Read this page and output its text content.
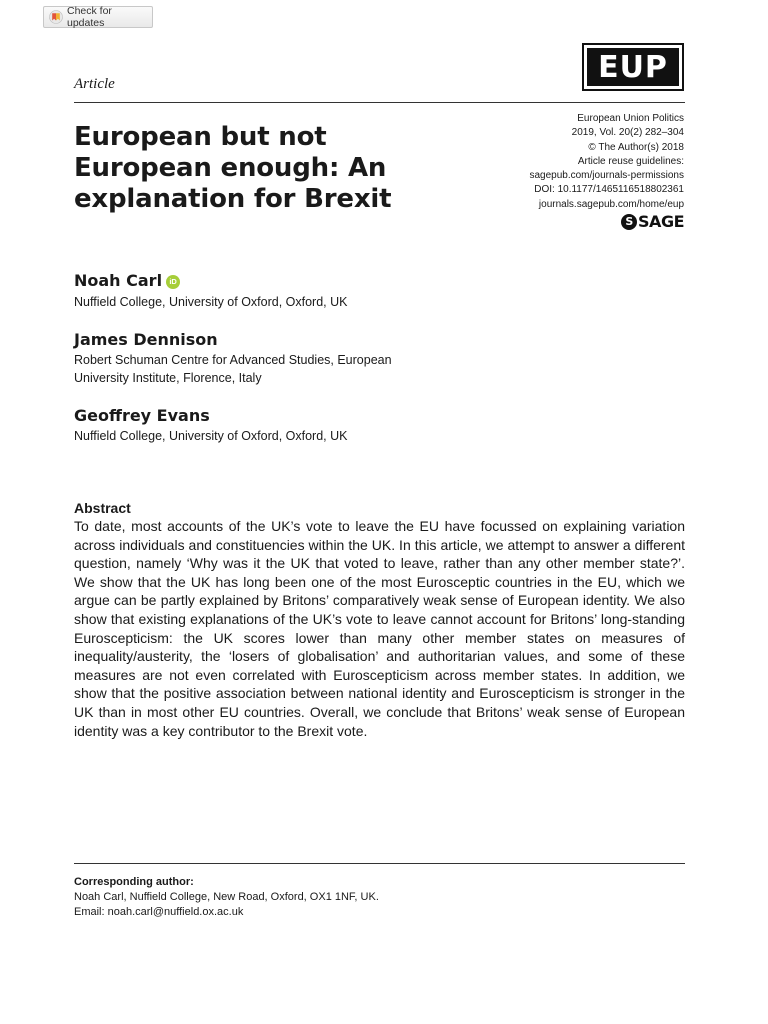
Check for updates
EUP
Article
European Union Politics
2019, Vol. 20(2) 282–304
© The Author(s) 2018
Article reuse guidelines:
sagepub.com/journals-permissions
DOI: 10.1177/1465116518802361
journals.sagepub.com/home/eup
S SAGE
European but not European enough: An explanation for Brexit
Noah Carl iD
Nuffield College, University of Oxford, Oxford, UK
James Dennison
Robert Schuman Centre for Advanced Studies, European
University Institute, Florence, Italy
Geoffrey Evans
Nuffield College, University of Oxford, Oxford, UK
Abstract

To date, most accounts of the UK’s vote to leave the EU have focussed on explaining variation across individuals and constituencies within the UK. In this article, we attempt to answer a different question, namely ‘Why was it the UK that voted to leave, rather than any other member state?’. We show that the UK has long been one of the most Eurosceptic countries in the EU, which we argue can be partly explained by Britons’ comparatively weak sense of European identity. We also show that existing explanations of the UK’s vote to leave cannot account for Britons’ long-standing Euroscepticism: the UK scores lower than many other member states on measures of inequality/austerity, the ‘losers of globalisation’ and authoritarian values, and some of these measures are not even correlated with Euroscepticism across member states. In addition, we show that the positive association between national identity and Euroscepticism is stronger in the UK than in most other EU countries. Overall, we conclude that Britons’ weak sense of European identity was a key contributor to the Brexit vote.

Corresponding author:
Noah Carl, Nuffield College, New Road, Oxford, OX1 1NF, UK.
Email: noah.carl@nuffield.ox.ac.uk
